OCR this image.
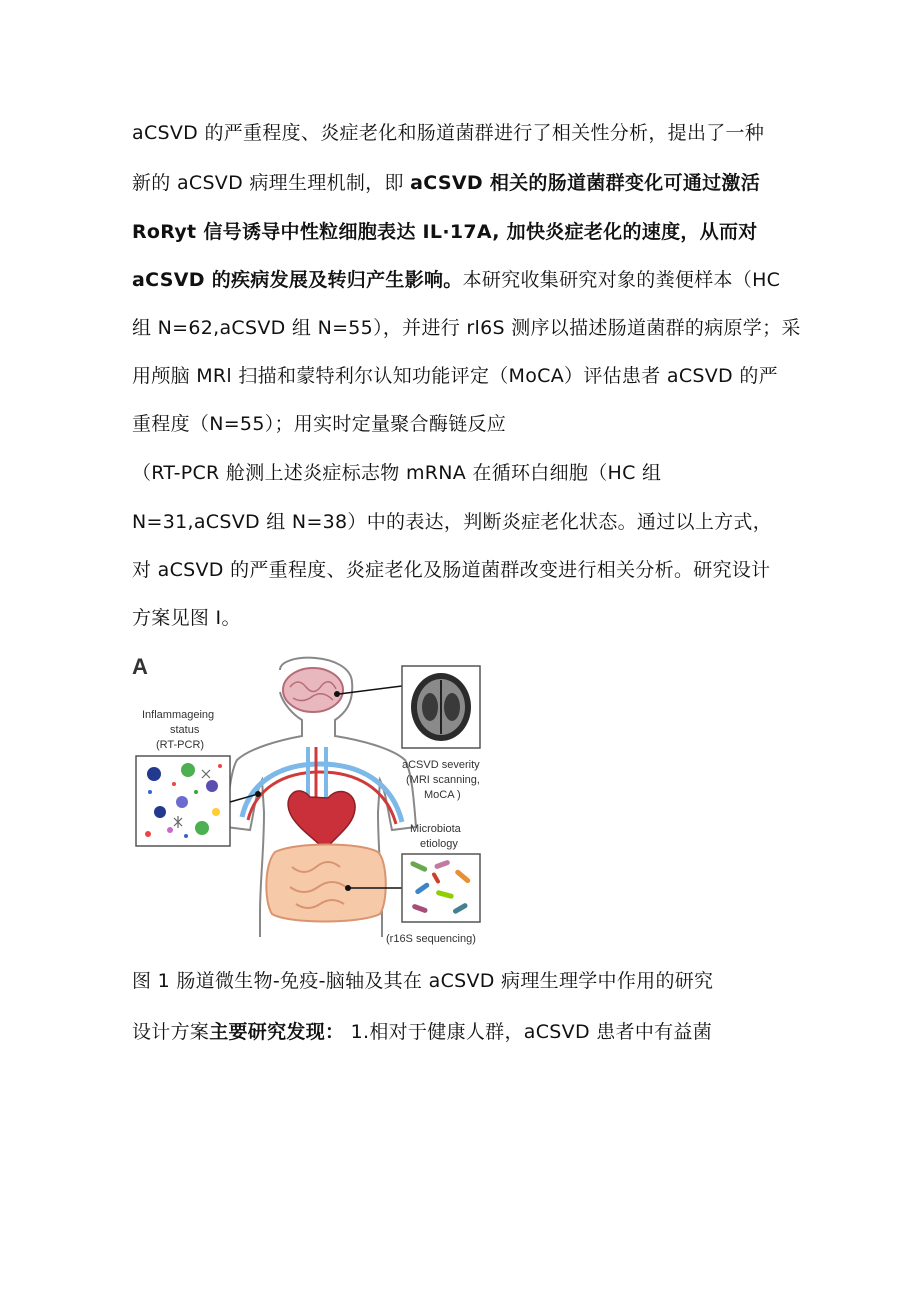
aCSVD 的严重程度、炎症老化和肠道菌群进行了相关性分析，提出了一种
新的 aCSVD 病理生理机制，即 aCSVD 相关的肠道菌群变化可通过激活
RoRyt 信号诱导中性粒细胞表达 IL·17A, 加快炎症老化的速度，从而对
aCSVD 的疾病发展及转归产生影响。本研究收集研究对象的粪便样本（HC
组 N=62,aCSVD 组 N=55），并进行 rl6S 测序以描述肠道菌群的病原学；采
用颅脑 MRl 扫描和蒙特利尔认知功能评定（MoCA）评估患者 aCSVD 的严
重程度（N=55）；用实时定量聚合酶链反应
（RT-PCR 舱测上述炎症标志物 mRNA 在循环白细胞（HC 组
N=31,aCSVD 组 N=38）中的表达，判断炎症老化状态。通过以上方式，
对 aCSVD 的严重程度、炎症老化及肠道菌群改变进行相关分析。研究设计
方案见图 I。
A
aCSVD severity
(MRI scanning,
MoCA )
Inflammageing
status
(RT-PCR)
Microbiota
etiology
(r16S sequencing)
图 1 肠道微生物-免疫-脑轴及其在 aCSVD 病理生理学中作用的研究
设计方案主要研究发现： 1.相对于健康人群，aCSVD 患者中有益菌
